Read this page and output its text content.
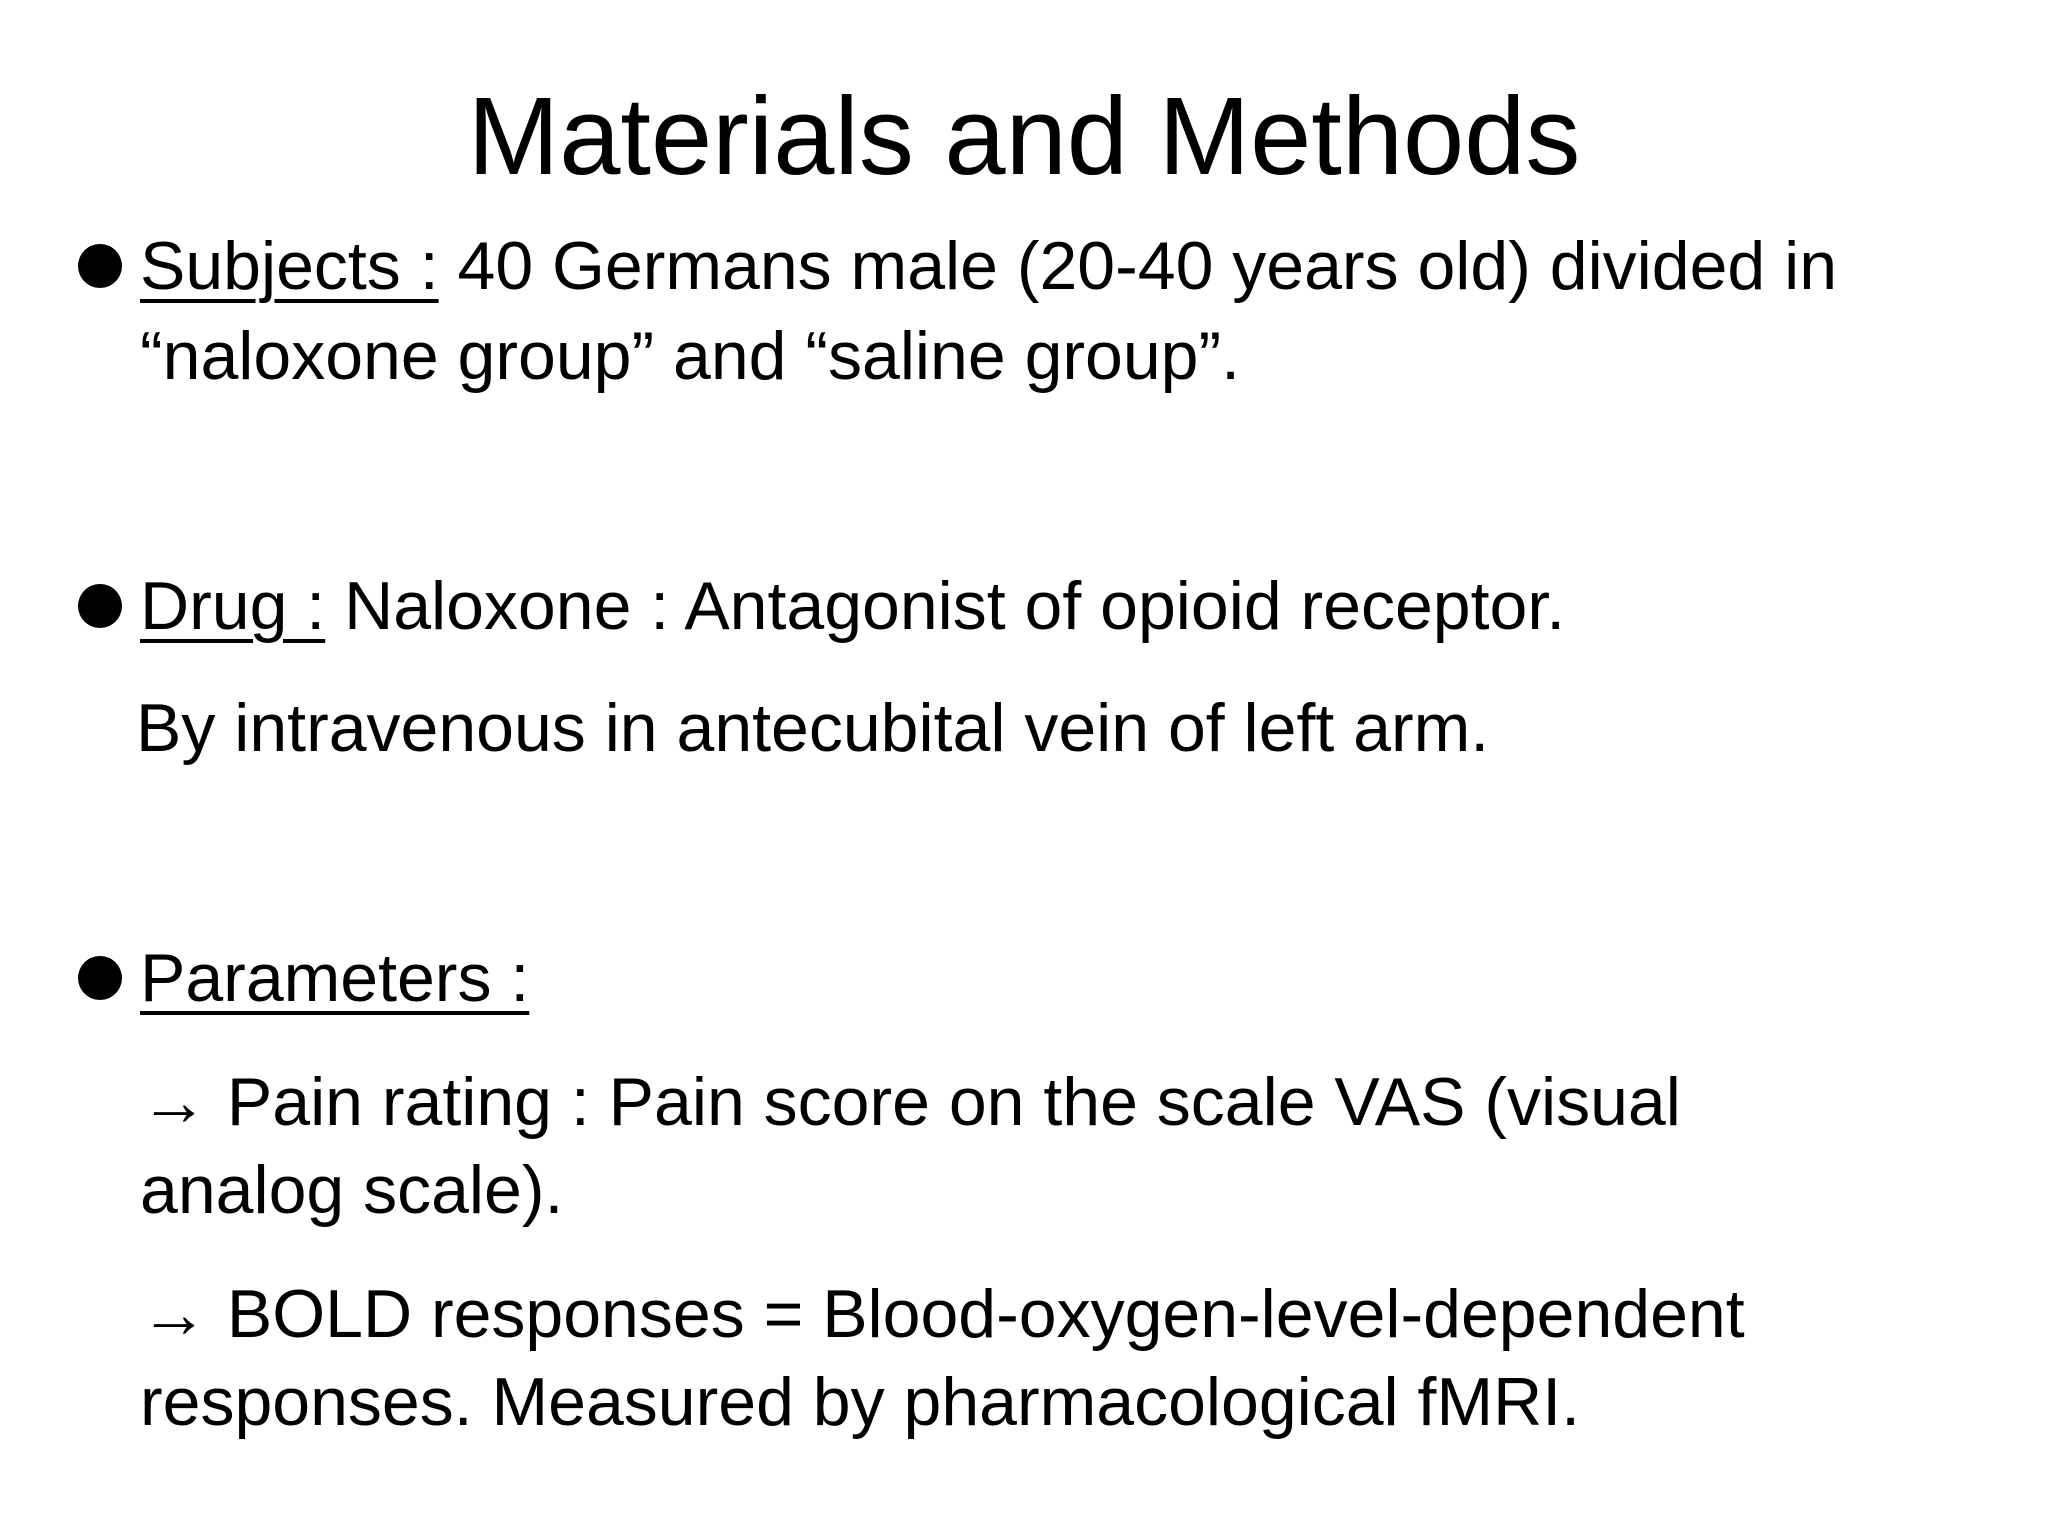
Materials and Methods
Subjects : 40 Germans male (20-40 years old) divided in
“naloxone group” and “saline group”.
Drug : Naloxone : Antagonist of opioid receptor.
By intravenous in antecubital vein of left arm.
Parameters :
→ Pain rating : Pain score on the scale VAS (visual
analog scale).
→ BOLD responses = Blood-oxygen-level-dependent
responses. Measured by pharmacological fMRI.
